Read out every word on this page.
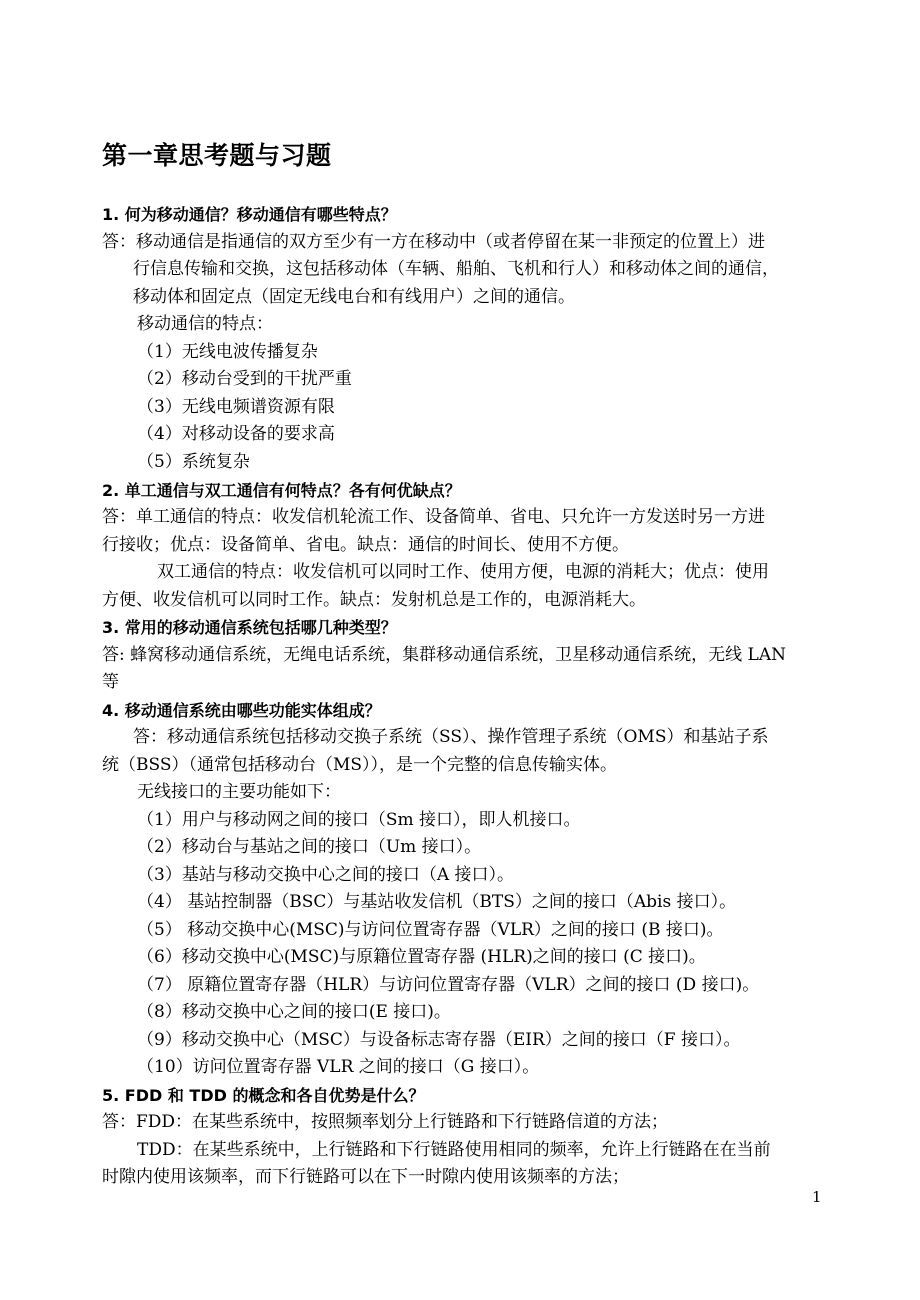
第一章思考题与习题
1. 何为移动通信？移动通信有哪些特点？
答：移动通信是指通信的双方至少有一方在移动中（或者停留在某一非预定的位置上）进
行信息传输和交换，这包括移动体（车辆、船舶、飞机和行人）和移动体之间的通信，
移动体和固定点（固定无线电台和有线用户）之间的通信。
移动通信的特点：
（1）无线电波传播复杂
（2）移动台受到的干扰严重
（3）无线电频谱资源有限
（4）对移动设备的要求高
（5）系统复杂
2. 单工通信与双工通信有何特点？各有何优缺点？
答：单工通信的特点：收发信机轮流工作、设备简单、省电、只允许一方发送时另一方进
行接收；优点：设备简单、省电。缺点：通信的时间长、使用不方便。
双工通信的特点：收发信机可以同时工作、使用方便，电源的消耗大；优点：使用
方便、收发信机可以同时工作。缺点：发射机总是工作的，电源消耗大。
3. 常用的移动通信系统包括哪几种类型？
答: 蜂窝移动通信系统，无绳电话系统，集群移动通信系统，卫星移动通信系统，无线 LAN
等
4. 移动通信系统由哪些功能实体组成？
答：移动通信系统包括移动交换子系统（SS）、操作管理子系统（OMS）和基站子系
统（BSS）（通常包括移动台（MS）），是一个完整的信息传输实体。
无线接口的主要功能如下：
（1）用户与移动网之间的接口（Sm 接口），即人机接口。
（2）移动台与基站之间的接口（Um 接口）。
（3）基站与移动交换中心之间的接口（A 接口）。
（4） 基站控制器（BSC）与基站收发信机（BTS）之间的接口（Abis 接口）。
（5） 移动交换中心(MSC)与访问位置寄存器（VLR）之间的接口 (B 接口)。
（6）移动交换中心(MSC)与原籍位置寄存器 (HLR)之间的接口 (C 接口)。
（7） 原籍位置寄存器（HLR）与访问位置寄存器（VLR）之间的接口 (D 接口)。
（8）移动交换中心之间的接口(E 接口)。
（9）移动交换中心（MSC）与设备标志寄存器（EIR）之间的接口（F 接口）。
（10）访问位置寄存器 VLR 之间的接口（G 接口）。
5. FDD 和 TDD 的概念和各自优势是什么？
答：FDD：在某些系统中，按照频率划分上行链路和下行链路信道的方法；
TDD：在某些系统中，上行链路和下行链路使用相同的频率，允许上行链路在在当前
时隙内使用该频率，而下行链路可以在下一时隙内使用该频率的方法；
1
